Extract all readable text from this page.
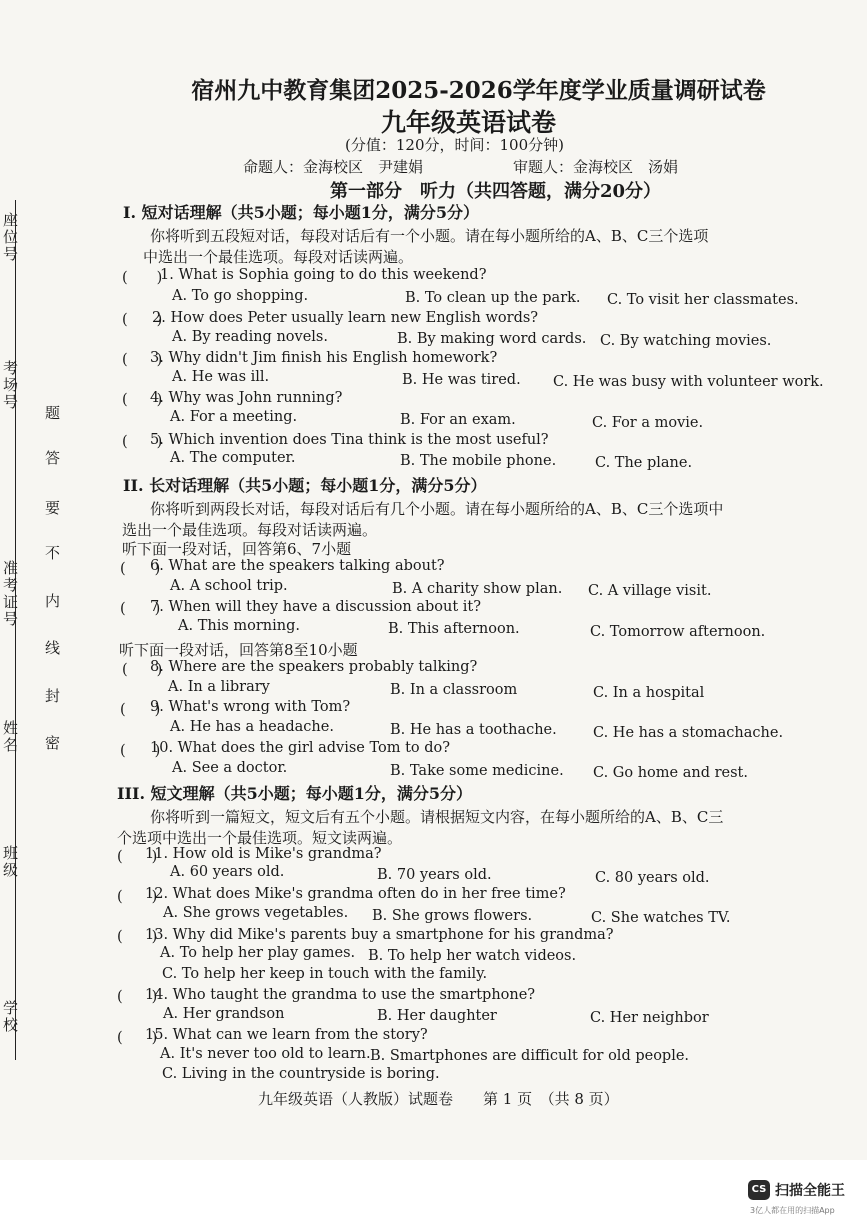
座位号
考场号
准考证号
姓名
班级
学校
题
答
要
不
内
线
封
密
宿州九中教育集团2025-2026学年度学业质量调研试卷
九年级英语试卷
(分值：120分，时间：100分钟)
命题人：金海校区　尹建娟	审题人：金海校区　汤娟
第一部分　听力（共四答题，满分20分）
I. 短对话理解（共5小题；每小题1分，满分5分）
你将听到五段短对话，每段对话后有一个小题。请在每小题所给的A、B、C三个选项
中选出一个最佳选项。每段对话读两遍。
II. 长对话理解（共5小题；每小题1分，满分5分）
你将听到两段长对话，每段对话后有几个小题。请在每小题所给的A、B、C三个选项中
选出一个最佳选项。每段对话读两遍。
听下面一段对话，回答第6、7小题
听下面一段对话，回答第8至10小题
III. 短文理解（共5小题；每小题1分，满分5分）
你将听到一篇短文，短文后有五个小题。请根据短文内容，在每小题所给的A、B、C三
个选项中选出一个最佳选项。短文读两遍。
(　　)
1. What is Sophia going to do this weekend?
A. To go shopping.	B. To clean up the park. C. To visit her classmates.
(　　)
2. How does Peter usually learn new English words?
A. By reading novels.	B. By making word cards. C. By watching movies.
(　　)
3. Why didn't Jim finish his English homework?
A. He was ill.	B. He was tired. C. He was busy with volunteer work.
(　　)
4. Why was John running?
A. For a meeting.	B. For an exam.	C. For a movie.
(　　)
5. Which invention does Tina think is the most useful?
A. The computer.	B. The mobile phone.	C. The plane.
(　　)
6. What are the speakers talking about?
A. A school trip.	B. A charity show plan. C. A village visit.
(　　)
7. When will they have a discussion about it?
A. This morning.	B. This afternoon.	C. Tomorrow afternoon.
(　　)
8. Where are the speakers probably talking?
A. In a library	B. In a classroom	C. In a hospital
(　　)
9. What's wrong with Tom?
A. He has a headache.	B. He has a toothache.	C. He has a stomachache.
(　　)
10. What does the girl advise Tom to do?
A. See a doctor.	B. Take some medicine. C. Go home and rest.
(　　)
11. How old is Mike's grandma?
A. 60 years old.	B. 70 years old.	C. 80 years old.
(　　)
12. What does Mike's grandma often do in her free time?
A. She grows vegetables. B. She grows flowers.	C. She watches TV.
(　　)
13. Why did Mike's parents buy a smartphone for his grandma?
A. To help her play games. B. To help her watch videos.
C. To help her keep in touch with the family.
(　　)
14. Who taught the grandma to use the smartphone?
A. Her grandson	B. Her daughter	C. Her neighbor
(　　)
15. What can we learn from the story?
A. It's never too old to learn. B. Smartphones are difficult for old people.
C. Living in the countryside is boring.
九年级英语（人教版）试题卷　　第 1 页　（共 8 页）
CS 扫描全能王
3亿人都在用的扫描App
